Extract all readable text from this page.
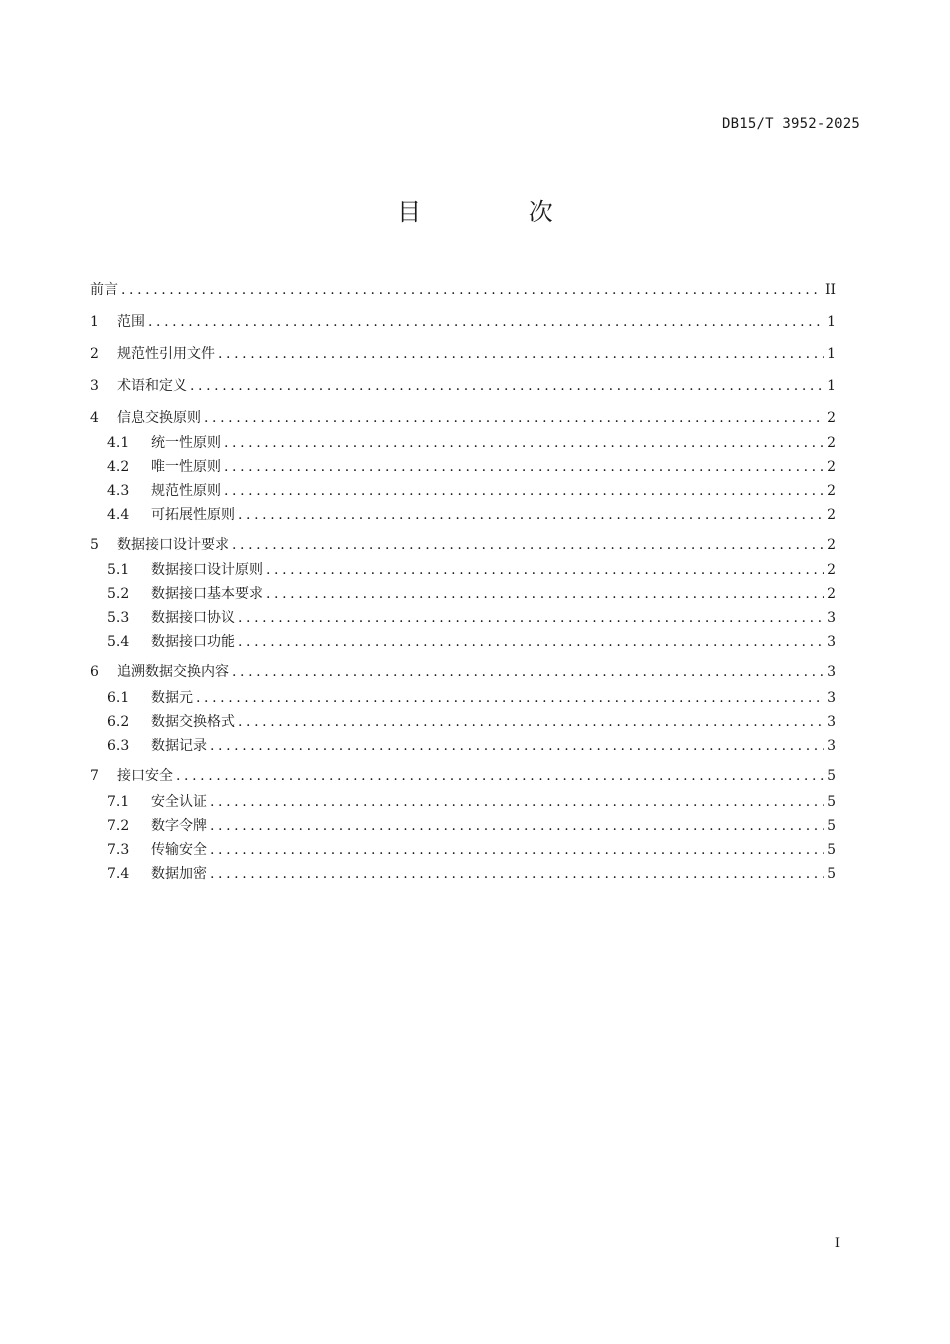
DB15/T 3952-2025
目 次
前言 .....	II
1	范围 .....	1
2	规范性引用文件 .....	1
3	术语和定义 .....	1
4	信息交换原则 .....	2
4.1	统一性原则 .....	2
4.2	唯一性原则 .....	2
4.3	规范性原则 .....	2
4.4	可拓展性原则 .....	2
5	数据接口设计要求 .....	2
5.1	数据接口设计原则 .....	2
5.2	数据接口基本要求 .....	2
5.3	数据接口协议 .....	3
5.4	数据接口功能 .....	3
6	追溯数据交换内容 .....	3
6.1	数据元 .....	3
6.2	数据交换格式 .....	3
6.3	数据记录 .....	3
7	接口安全 .....	5
7.1	安全认证 .....	5
7.2	数字令牌 .....	5
7.3	传输安全 .....	5
7.4	数据加密 .....	5
I
